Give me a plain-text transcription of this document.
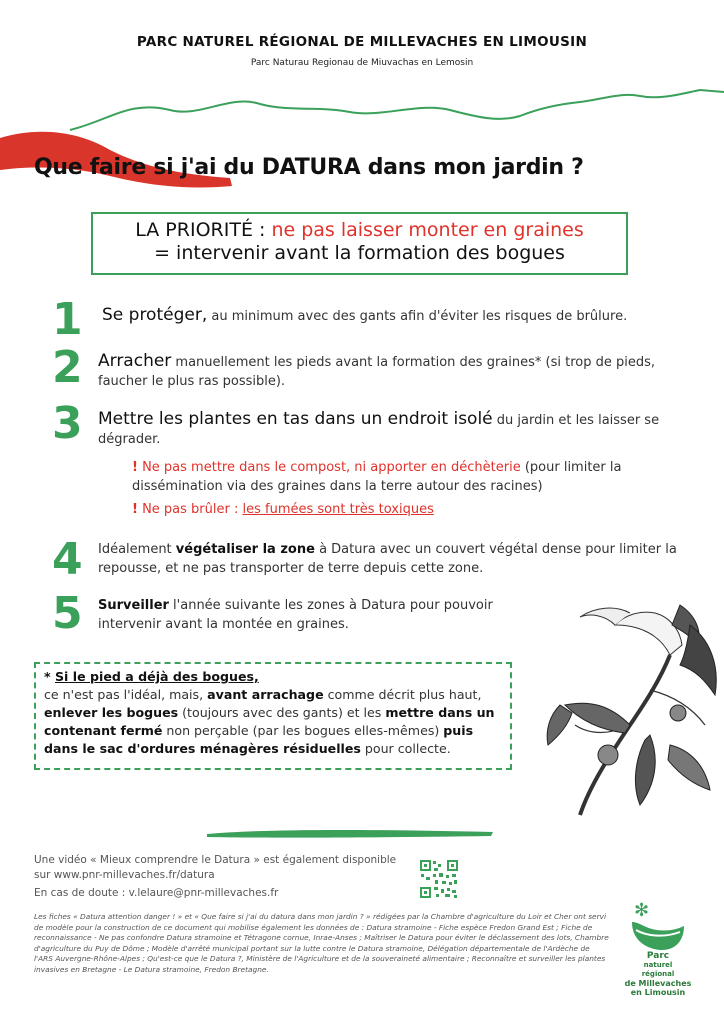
PARC NATUREL RÉGIONAL DE MILLEVACHES EN LIMOUSIN
Parc Naturau Regionau de Miuvachas en Lemosin
Que faire si j'ai du DATURA dans mon jardin ?
LA PRIORITÉ : ne pas laisser monter en graines
= intervenir avant la formation des bogues
1 Se protéger, au minimum avec des gants afin d'éviter les risques de brûlure.
2 Arracher manuellement les pieds avant la formation des graines* (si trop de pieds, faucher le plus ras possible).
3 Mettre les plantes en tas dans un endroit isolé du jardin et les laisser se dégrader.
! Ne pas mettre dans le compost, ni apporter en déchèterie (pour limiter la dissémination via des graines dans la terre autour des racines)
! Ne pas brûler : les fumées sont très toxiques
4 Idéalement végétaliser la zone à Datura avec un couvert végétal dense pour limiter la repousse, et ne pas transporter de terre depuis cette zone.
5 Surveiller l'année suivante les zones à Datura pour pouvoir intervenir avant la montée en graines.
* Si le pied a déjà des bogues,
ce n'est pas l'idéal, mais, avant arrachage comme décrit plus haut, enlever les bogues (toujours avec des gants) et les mettre dans un contenant fermé non perçable (par les bogues elles-mêmes) puis dans le sac d'ordures ménagères résiduelles pour collecte.
Une vidéo « Mieux comprendre le Datura » est également disponible
sur www.pnr-millevaches.fr/datura
En cas de doute : v.lelaure@pnr-millevaches.fr
Les fiches « Datura attention danger ! » et « Que faire si j'ai du datura dans mon jardin ? » rédigées par la Chambre d'agriculture du Loir et Cher ont servi de modèle pour la construction de ce document qui mobilise également les données de : Datura stramoine - Fiche espèce Fredon Grand Est ; Fiche de reconnaissance - Ne pas confondre Datura stramoine et Tétragone cornue, Inrae-Anses ; Maîtriser le Datura pour éviter le déclassement des lots, Chambre d'agriculture du Puy de Dôme ; Modèle d'arrêté municipal portant sur la lutte contre le Datura stramoine, Délégation départementale de l'Ardèche de l'ARS Auvergne-Rhône-Alpes ; Qu'est-ce que le Datura ?, Ministère de l'Agriculture et de la souveraineté alimentaire ; Reconnaître et surveiller les plantes invasives en Bretagne - Le Datura stramoine, Fredon Bretagne.
✻
Parc
naturel
régional
de Millevaches
en Limousin
